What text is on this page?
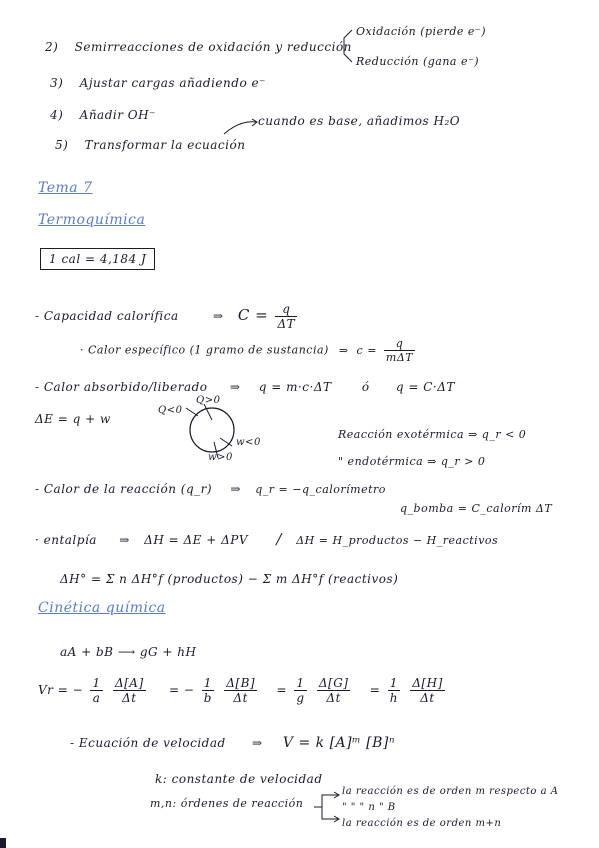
2) Semirreacciones de oxidación y reducción
Oxidación (pierde e⁻)
Reducción (gana e⁻)
3) Ajustar cargas añadiendo e⁻
4) Añadir OH⁻	cuando es base, añadimos H₂O
5) Transformar la ecuación
Tema 7
Termoquímica
1 cal = 4,184 J
- Capacidad calorífica	⇒ $C = \frac{q}{\Delta T}$
· Calor específico (1 gramo de sustancia) ⇒ $c = \frac{q}{\text{mΔT}}$
- Calor absorbido/liberado ⇒ q = m·c·ΔT	ó q = C·ΔT
ΔE = q + w
Q<0
Q>0
w<0
w>0
Reacción exotérmica ⇒ q_r < 0
" endotérmica ⇒ q_r > 0
- Calor de la reacción (q_r) ⇒ q_r = −q_calorímetro
q_bomba = C_calorím ΔT
· entalpía ⇒ ΔH = ΔE + ΔPV / ΔH = H_productos − H_reactivos
ΔH° = Σ n ΔH°f (productos) − Σ m ΔH°f (reactivos)
Cinética química
aA + bB ⟶ gG + hH
Vr = − $\frac{1}{a}$
$\frac{\Delta[A]}{\Delta t}$ = − $\frac{1}{b}$
$\frac{\Delta[B]}{\Delta t} = \frac{1}{g}$
$\frac{\Delta[G]}{\Delta t} = \frac{1}{h}$
$\frac{\Delta[H]}{\Delta t}$
- Ecuación de velocidad ⇒ V = k [A]ᵐ [B]ⁿ
k: constante de velocidad
m,n: órdenes de reacción
la reacción es de orden m respecto a A
" " " n " B
la reacción es de orden m+n
